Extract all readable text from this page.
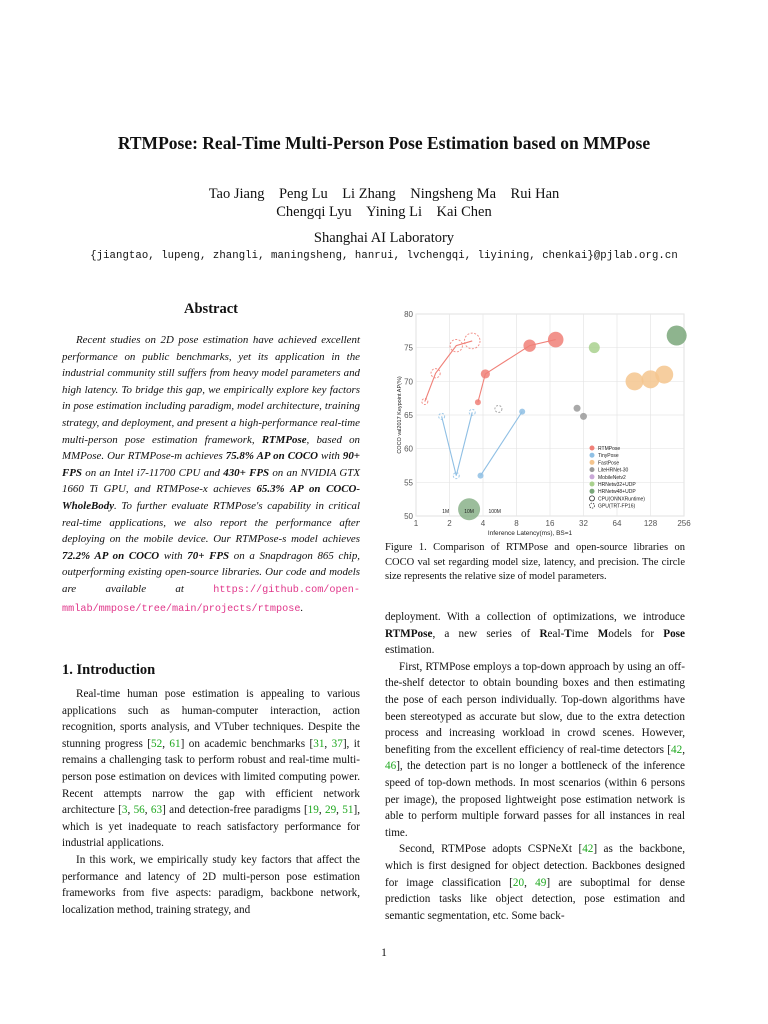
RTMPose: Real-Time Multi-Person Pose Estimation based on MMPose
Tao Jiang Peng Lu Li Zhang Ningsheng Ma Rui Han
Chengqi Lyu Yining Li Kai Chen
Shanghai AI Laboratory
{jiangtao, lupeng, zhangli, maningsheng, hanrui, lvchengqi, liyining, chenkai}@pjlab.org.cn
Abstract

Recent studies on 2D pose estimation have achieved excellent performance on public benchmarks, yet its application in the industrial community still suffers from heavy model parameters and high latency. To bridge this gap, we empirically explore key factors in pose estimation including paradigm, model architecture, training strategy, and deployment, and present a high-performance real-time multi-person pose estimation framework, RTMPose, based on MMPose. Our RTMPose-m achieves 75.8% AP on COCO with 90+ FPS on an Intel i7-11700 CPU and 430+ FPS on an NVIDIA GTX 1660 Ti GPU, and RTMPose-x achieves 65.3% AP on COCO-WholeBody. To further evaluate RTMPose's capability in critical real-time applications, we also report the performance after deploying on the mobile device. Our RTMPose-s model achieves 72.2% AP on COCO with 70+ FPS on a Snapdragon 865 chip, outperforming existing open-source libraries. Our code and models are available at https://github.com/open-mmlab/mmpose/tree/main/projects/rtmpose.

1. Introduction

Real-time human pose estimation is appealing to various applications such as human-computer interaction, action recognition, sports analysis, and VTuber techniques. Despite the stunning progress [52, 61] on academic benchmarks [31, 37], it remains a challenging task to perform robust and real-time multi-person pose estimation on devices with limited computing power. Recent attempts narrow the gap with efficient network architecture [3, 56, 63] and detection-free paradigms [19, 29, 51], which is yet inadequate to reach satisfactory performance for industrial applications.

In this work, we empirically study key factors that affect the performance and latency of 2D multi-person pose estimation frameworks from five aspects: paradigm, backbone network, localization method, training strategy, and

1	2	4	8	16	32	64	128	256
50
55
60
65
70
75
80
Inference Latency(ms), BS=1
COCO val2017 Keypoint AP(%)
1M	10M	100M
RTMPose
TinyPose
FastPose
LiteHRNet-30
MobileNetv2
HRNetw32+UDP
HRNetw48+UDP
CPU(ONNXRuntime)
GPU(TRT-FP16)
Figure 1. Comparison of RTMPose and open-source libraries on COCO val set regarding model size, latency, and precision. The circle size represents the relative size of model parameters.

deployment. With a collection of optimizations, we introduce RTMPose, a new series of Real-Time Models for Pose estimation.

First, RTMPose employs a top-down approach by using an off-the-shelf detector to obtain bounding boxes and then estimating the pose of each person individually. Top-down algorithms have been stereotyped as accurate but slow, due to the extra detection process and increasing workload in crowd scenes. However, benefiting from the excellent efficiency of real-time detectors [42, 46], the detection part is no longer a bottleneck of the inference speed of top-down methods. In most scenarios (within 6 persons per image), the proposed lightweight pose estimation network is able to perform multiple forward passes for all instances in real time.

Second, RTMPose adopts CSPNeXt [42] as the backbone, which is first designed for object detection. Backbones designed for image classification [20, 49] are suboptimal for dense prediction tasks like object detection, pose estimation and semantic segmentation, etc. Some back-

1
